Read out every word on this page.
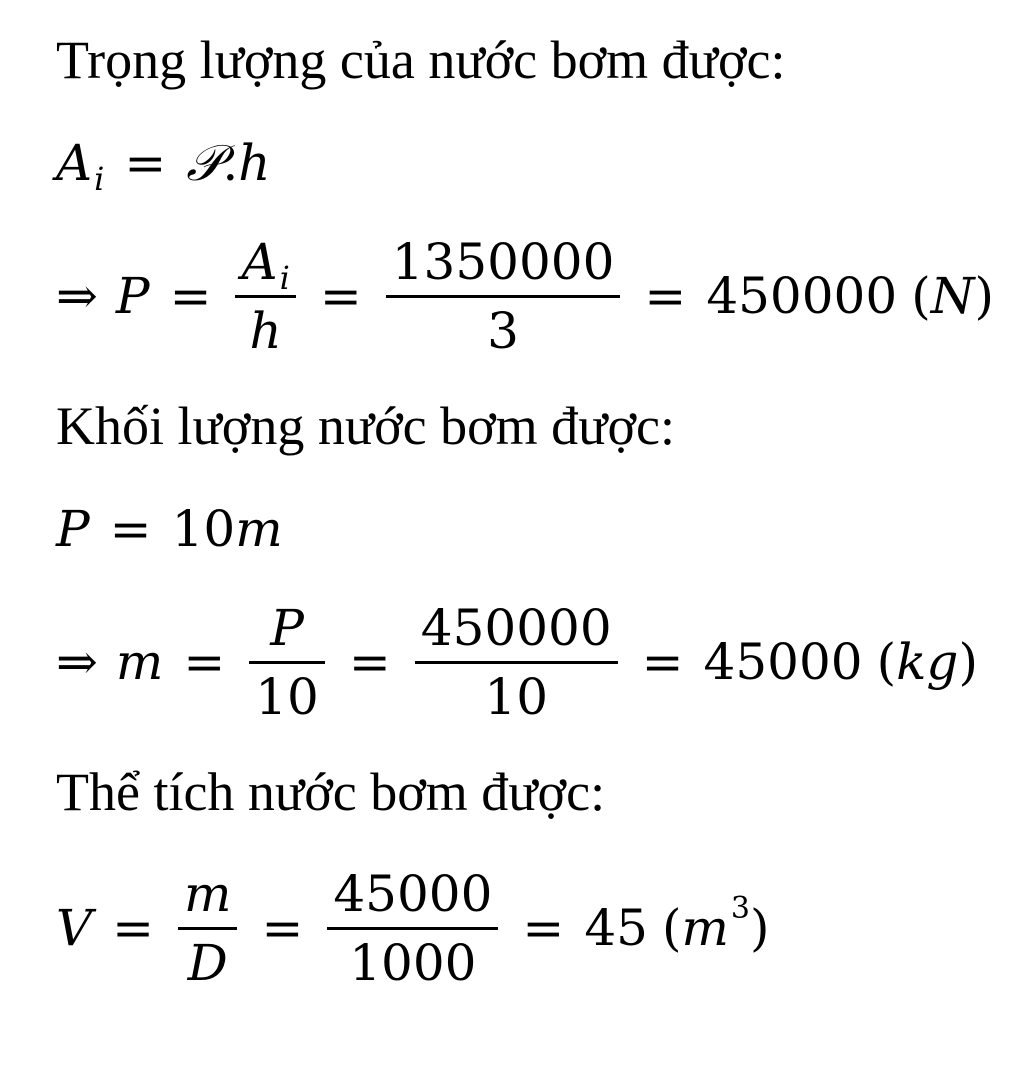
Trọng lượng của nước bơm được:
A i = 𝒫 . h
⇒ $P = \frac{\text{A i}}{h} = \frac{1350000}{3} = 450000$ ( N )
Khối lượng nước bơm được:
P = 10 m
⇒ $m = \frac{P}{10} = \frac{450000}{10} = 45000$ ( kg )
Thể tích nước bơm được:
$V = \frac{m}{D} = \frac{45000}{1000} = 45$ ( m 3 )
